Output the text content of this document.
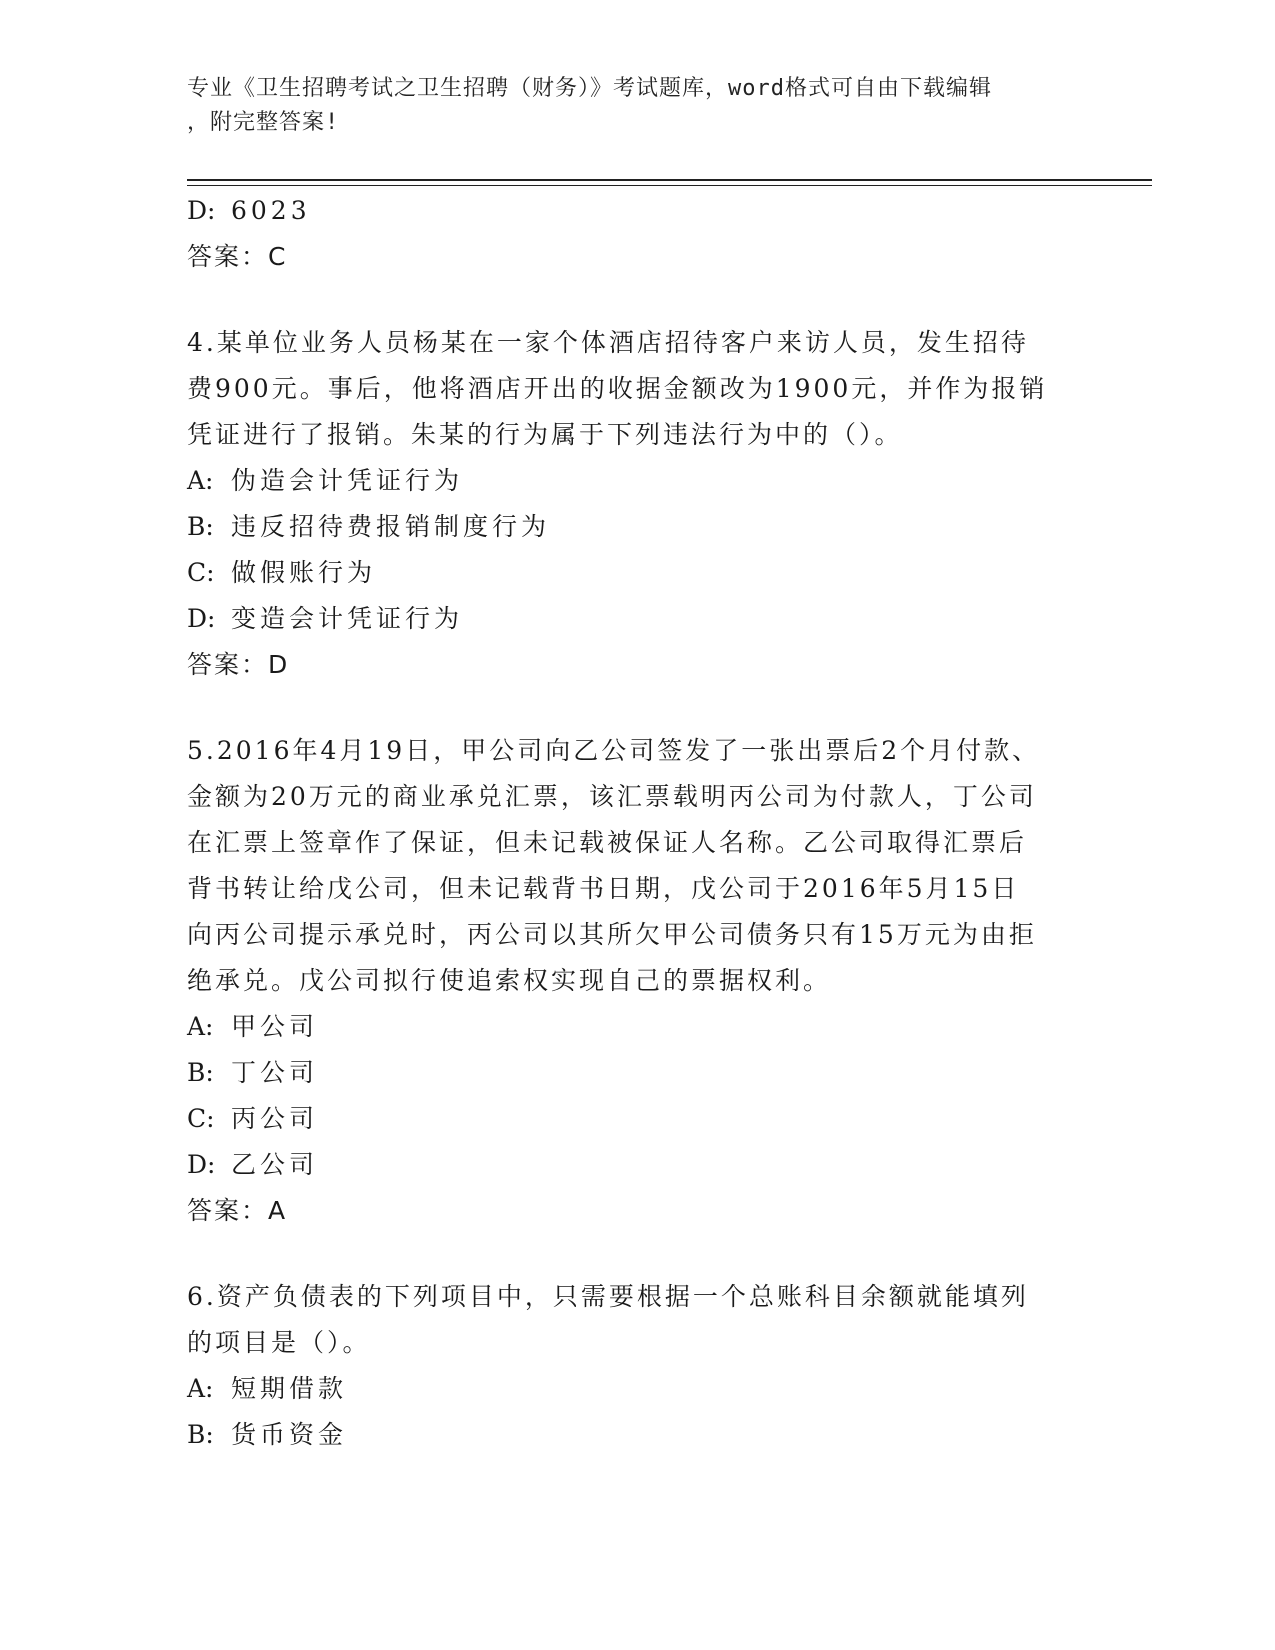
专业《卫生招聘考试之卫生招聘（财务）》考试题库，word格式可自由下载编辑
，附完整答案!
D: 6023
答案：C
4.某单位业务人员杨某在一家个体酒店招待客户来访人员，发生招待
费900元。事后，他将酒店开出的收据金额改为1900元，并作为报销
凭证进行了报销。朱某的行为属于下列违法行为中的（）。
A: 伪造会计凭证行为
B: 违反招待费报销制度行为
C: 做假账行为
D: 变造会计凭证行为
答案：D
5.2016年4月19日，甲公司向乙公司签发了一张出票后2个月付款、
金额为20万元的商业承兑汇票，该汇票载明丙公司为付款人，丁公司
在汇票上签章作了保证，但未记载被保证人名称。乙公司取得汇票后
背书转让给戊公司，但未记载背书日期，戊公司于2016年5月15日
向丙公司提示承兑时，丙公司以其所欠甲公司债务只有15万元为由拒
绝承兑。戊公司拟行使追索权实现自己的票据权利。
A: 甲公司
B: 丁公司
C: 丙公司
D: 乙公司
答案：A
6.资产负债表的下列项目中，只需要根据一个总账科目余额就能填列
的项目是（）。
A: 短期借款
B: 货币资金
